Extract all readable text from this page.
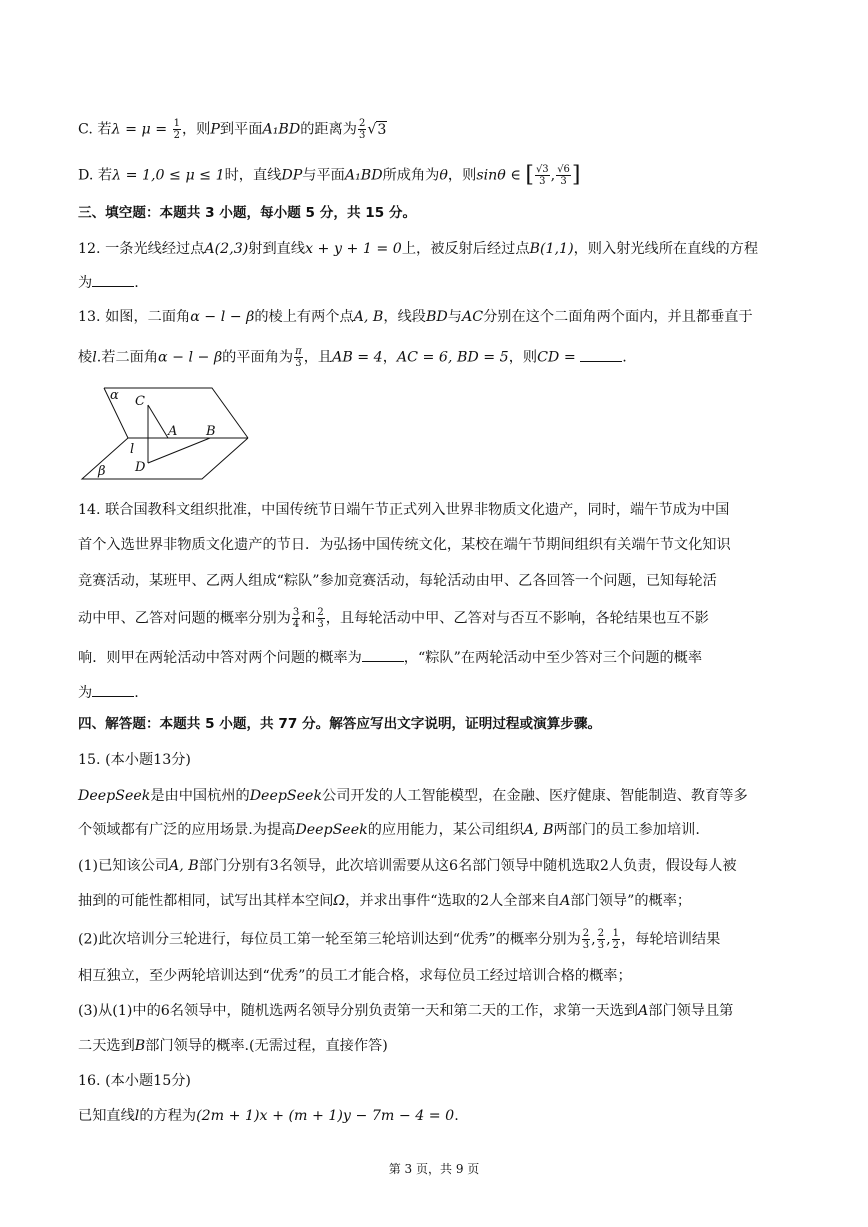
C. 若$\lambda = \mu = \frac{1}{2}$ ，则P到平面A₁BD的距离为 $\frac{2}{3} √3$
D. 若λ = 1,0 ≤ μ ≤ 1时，直线DP与平面A₁BD所成角为θ，则sinθ ∈ [ $\frac{√3}{3}$ , $\frac{√6}{3}$ ]
三、填空题：本题共 3 小题，每小题 5 分，共 15 分。
12. 一条光线经过点A(2,3)射到直线x + y + 1 = 0上，被反射后经过点B(1,1)，则入射光线所在直线的方程
为	.
13. 如图，二面角α − l − β的棱上有两个点A, B，线段BD与AC分别在这个二面角两个面内，并且都垂直于
棱l.若二面角α − l − β的平面角为 $\frac{\pi}{3}$ ，且AB = 4，AC = 6, BD = 5，则CD =	.
α C
A B
l
D
β
14. 联合国教科文组织批准，中国传统节日端午节正式列入世界非物质文化遗产，同时，端午节成为中国
首个入选世界非物质文化遗产的节日．为弘扬中国传统文化，某校在端午节期间组织有关端午节文化知识
竞赛活动，某班甲、乙两人组成“粽队”参加竞赛活动，每轮活动由甲、乙各回答一个问题，已知每轮活
动中甲、乙答对问题的概率分别为 $\frac{3}{4}$ 和 $\frac{2}{3}$ ，且每轮活动中甲、乙答对与否互不影响，各轮结果也互不影
响．则甲在两轮活动中答对两个问题的概率为	，“粽队”在两轮活动中至少答对三个问题的概率
为	.
四、解答题：本题共 5 小题，共 77 分。解答应写出文字说明，证明过程或演算步骤。
15. (本小题13分)
DeepSeek是由中国杭州的DeepSeek公司开发的人工智能模型，在金融、医疗健康、智能制造、教育等多
个领域都有广泛的应用场景.为提高DeepSeek的应用能力，某公司组织A, B两部门的员工参加培训.
(1)已知该公司A, B部门分别有3名领导，此次培训需要从这6名部门领导中随机选取2人负责，假设每人被
抽到的可能性都相同，试写出其样本空间Ω，并求出事件“选取的2人全部来自A部门领导”的概率；
(2)此次培训分三轮进行，每位员工第一轮至第三轮培训达到“优秀”的概率分别为 $\frac{2}{3}$ , $\frac{2}{3}$ , $\frac{1}{2}$ ，每轮培训结果
相互独立，至少两轮培训达到“优秀”的员工才能合格，求每位员工经过培训合格的概率；
(3)从(1)中的6名领导中，随机选两名领导分别负责第一天和第二天的工作，求第一天选到A部门领导且第
二天选到B部门领导的概率.(无需过程，直接作答)
16. (本小题15分)
已知直线l的方程为(2m + 1)x + (m + 1)y − 7m − 4 = 0.
第 3 页，共 9 页
